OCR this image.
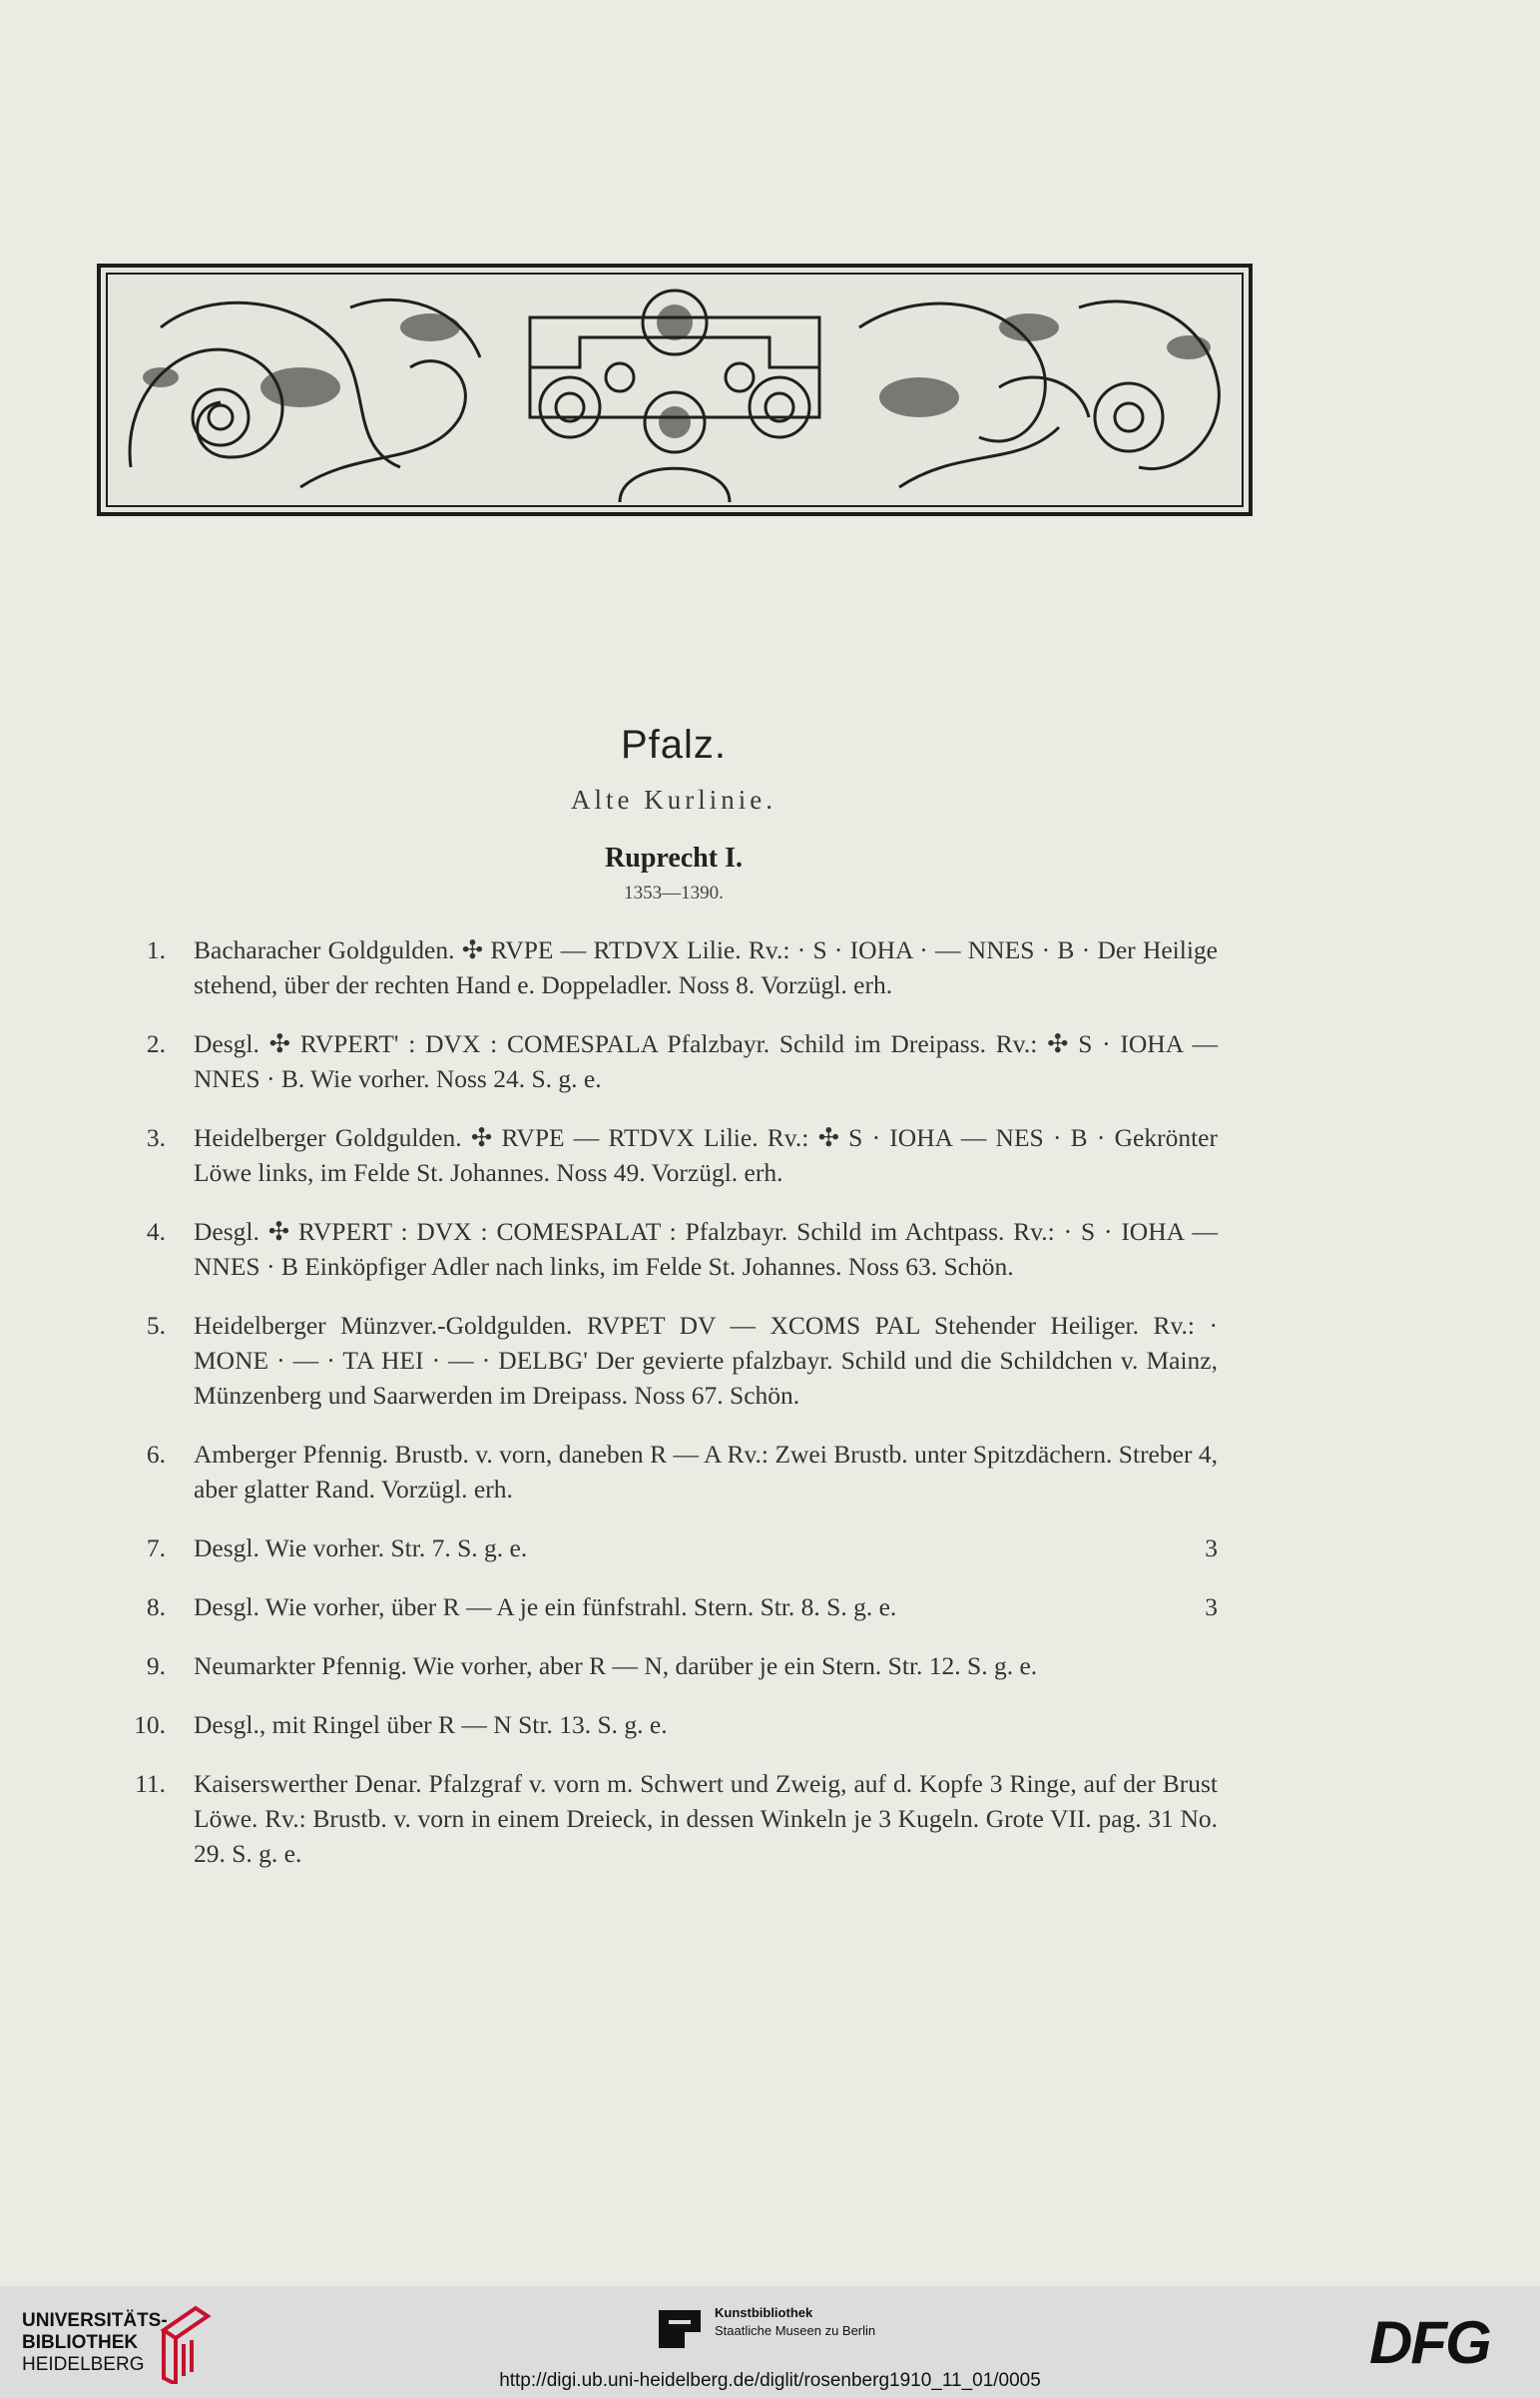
Pfalz.
Alte Kurlinie.
Ruprecht I.
1353—1390.
1. Bacharacher Goldgulden. ✣ RVPE — RTDVX Lilie. Rv.: · S · IOHA · — NNES · B · Der Heilige stehend, über der rechten Hand e. Doppeladler. Noss 8. Vorzügl. erh.
2. Desgl. ✣ RVPERT' : DVX : COMESPALA Pfalzbayr. Schild im Dreipass. Rv.: ✣ S · IOHA — NNES · B. Wie vorher. Noss 24. S. g. e.
3. Heidelberger Goldgulden. ✣ RVPE — RTDVX Lilie. Rv.: ✣ S · IOHA — NES · B · Gekrönter Löwe links, im Felde St. Johannes. Noss 49. Vorzügl. erh.
4. Desgl. ✣ RVPERT : DVX : COMESPALAT : Pfalzbayr. Schild im Achtpass. Rv.: · S · IOHA — NNES · B Einköpfiger Adler nach links, im Felde St. Johannes. Noss 63. Schön.
5. Heidelberger Münzver.-Goldgulden. RVPET DV — XCOMS PAL Stehender Heiliger. Rv.: · MONE · — · TA HEI · — · DELBG' Der gevierte pfalzbayr. Schild und die Schildchen v. Mainz, Münzenberg und Saarwerden im Dreipass. Noss 67. Schön.
6. Amberger Pfennig. Brustb. v. vorn, daneben R — A Rv.: Zwei Brustb. unter Spitzdächern. Streber 4, aber glatter Rand. Vorzügl. erh.
7. Desgl. Wie vorher. Str. 7. S. g. e.	3
8. Desgl. Wie vorher, über R — A je ein fünfstrahl. Stern. Str. 8. S. g. e.	3
9. Neumarkter Pfennig. Wie vorher, aber R — N, darüber je ein Stern. Str. 12. S. g. e.
10. Desgl., mit Ringel über R — N Str. 13. S. g. e.
11. Kaiserswerther Denar. Pfalzgraf v. vorn m. Schwert und Zweig, auf d. Kopfe 3 Ringe, auf der Brust Löwe. Rv.: Brustb. v. vorn in einem Dreieck, in dessen Winkeln je 3 Kugeln. Grote VII. pag. 31 No. 29. S. g. e.
UNIVERSITÄTS-
BIBLIOTHEK
HEIDELBERG
Kunstbibliothek
Staatliche Museen zu Berlin	DFG
http://digi.ub.uni-heidelberg.de/diglit/rosenberg1910_11_01/0005
